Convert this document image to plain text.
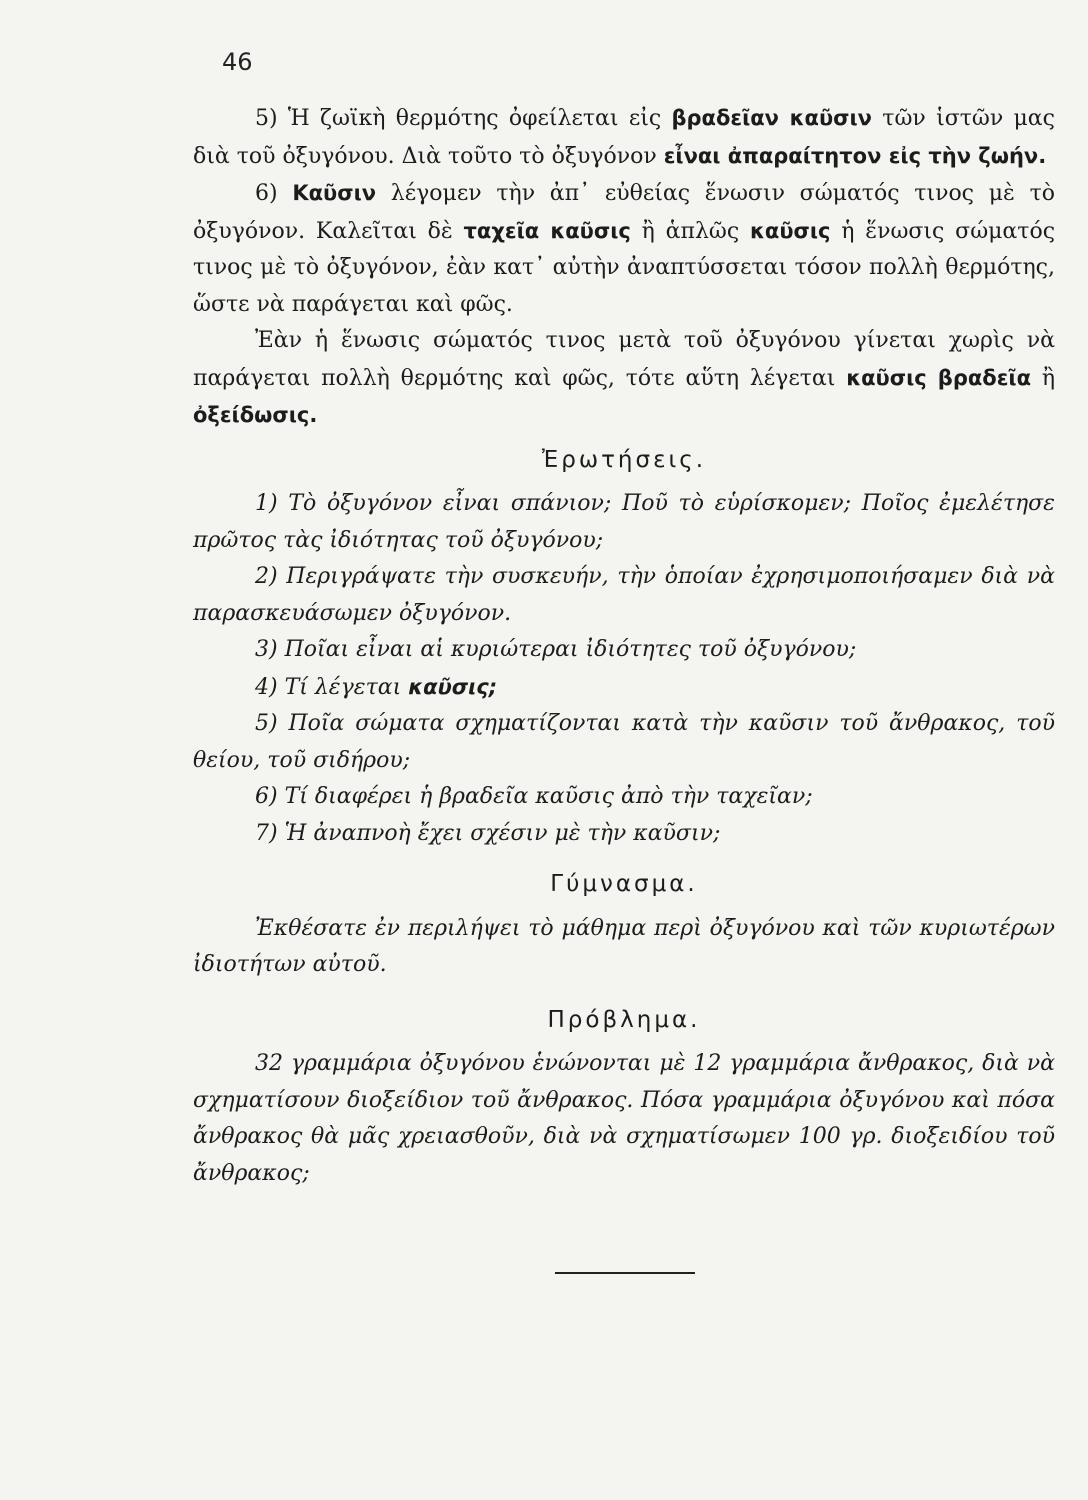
46

5) Ἡ ζωϊκὴ θερμότης ὀφείλεται εἰς βραδεῖαν καῦσιν τῶν ἱστῶν μας διὰ τοῦ ὀξυγόνου. Διὰ τοῦτο τὸ ὀξυγόνον εἶναι ἀπαραίτητον εἰς τὴν ζωήν.

6) Καῦσιν λέγομεν τὴν ἀπ᾽ εὐθείας ἕνωσιν σώματός τινος μὲ τὸ ὀξυγόνον. Καλεῖται δὲ ταχεῖα καῦσις ἢ ἁπλῶς καῦσις ἡ ἕνωσις σώματός τινος μὲ τὸ ὀξυγόνον, ἐὰν κατ᾽ αὐτὴν ἀναπτύσσεται τόσον πολλὴ θερμότης, ὥστε νὰ παράγεται καὶ φῶς.

Ἐὰν ἡ ἕνωσις σώματός τινος μετὰ τοῦ ὀξυγόνου γίνεται χωρὶς νὰ παράγεται πολλὴ θερμότης καὶ φῶς, τότε αὕτη λέγεται καῦσις βραδεῖα ἢ ὀξείδωσις.

Ἐρωτήσεις.

1) Τὸ ὀξυγόνον εἶναι σπάνιον; Ποῦ τὸ εὑρίσκομεν; Ποῖος ἐμελέτησε πρῶτος τὰς ἰδιότητας τοῦ ὀξυγόνου;

2) Περιγράψατε τὴν συσκευήν, τὴν ὁποίαν ἐχρησιμοποιήσαμεν διὰ νὰ παρασκευάσωμεν ὀξυγόνον.

3) Ποῖαι εἶναι αἱ κυριώτεραι ἰδιότητες τοῦ ὀξυγόνου;

4) Τί λέγεται καῦσις;

5) Ποῖα σώματα σχηματίζονται κατὰ τὴν καῦσιν τοῦ ἄνθρακος, τοῦ θείου, τοῦ σιδήρου;

6) Τί διαφέρει ἡ βραδεῖα καῦσις ἀπὸ τὴν ταχεῖαν;

7) Ἡ ἀναπνοὴ ἔχει σχέσιν μὲ τὴν καῦσιν;

Γύμνασμα.

Ἐκθέσατε ἐν περιλήψει τὸ μάθημα περὶ ὀξυγόνου καὶ τῶν κυριωτέρων ἰδιοτήτων αὐτοῦ.

Πρόβλημα.

32 γραμμάρια ὀξυγόνου ἑνώνονται μὲ 12 γραμμάρια ἄνθρακος, διὰ νὰ σχηματίσουν διοξείδιον τοῦ ἄνθρακος. Πόσα γραμμάρια ὀξυγόνου καὶ πόσα ἄνθρακος θὰ μᾶς χρειασθοῦν, διὰ νὰ σχηματίσωμεν 100 γρ. διοξειδίου τοῦ ἄνθρακος;
